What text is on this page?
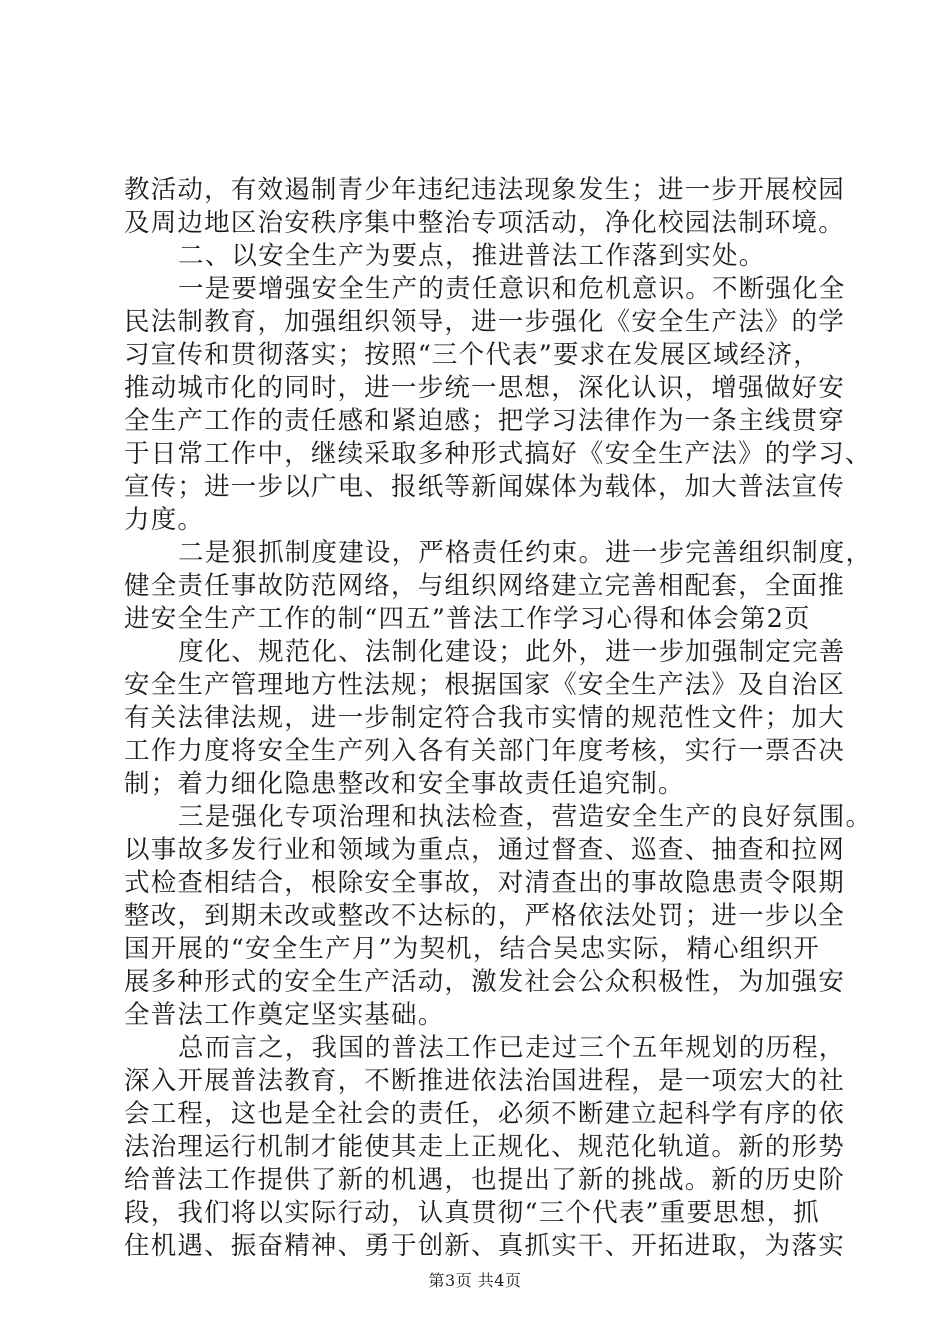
教活动，有效遏制青少年违纪违法现象发生；进一步开展校园
及周边地区治安秩序集中整治专项活动，净化校园法制环境。
二、以安全生产为要点，推进普法工作落到实处。
一是要增强安全生产的责任意识和危机意识。不断强化全
民法制教育，加强组织领导，进一步强化《安全生产法》的学
习宣传和贯彻落实；按照“三个代表”要求在发展区域经济，
推动城市化的同时，进一步统一思想，深化认识，增强做好安
全生产工作的责任感和紧迫感；把学习法律作为一条主线贯穿
于日常工作中，继续采取多种形式搞好《安全生产法》的学习、
宣传；进一步以广电、报纸等新闻媒体为载体，加大普法宣传
力度。
二是狠抓制度建设，严格责任约束。进一步完善组织制度，
健全责任事故防范网络，与组织网络建立完善相配套，全面推
进安全生产工作的制“四五”普法工作学习心得和体会第2页
度化、规范化、法制化建设；此外，进一步加强制定完善
安全生产管理地方性法规；根据国家《安全生产法》及自治区
有关法律法规，进一步制定符合我市实情的规范性文件；加大
工作力度将安全生产列入各有关部门年度考核，实行一票否决
制；着力细化隐患整改和安全事故责任追究制。
三是强化专项治理和执法检查，营造安全生产的良好氛围。
以事故多发行业和领域为重点，通过督查、巡查、抽查和拉网
式检查相结合，根除安全事故，对清查出的事故隐患责令限期
整改，到期未改或整改不达标的，严格依法处罚；进一步以全
国开展的“安全生产月”为契机，结合吴忠实际，精心组织开
展多种形式的安全生产活动，激发社会公众积极性，为加强安
全普法工作奠定坚实基础。
总而言之，我国的普法工作已走过三个五年规划的历程，
深入开展普法教育，不断推进依法治国进程，是一项宏大的社
会工程，这也是全社会的责任，必须不断建立起科学有序的依
法治理运行机制才能使其走上正规化、规范化轨道。新的形势
给普法工作提供了新的机遇，也提出了新的挑战。新的历史阶
段，我们将以实际行动，认真贯彻“三个代表”重要思想，抓
住机遇、振奋精神、勇于创新、真抓实干、开拓进取，为落实
第3页 共4页
